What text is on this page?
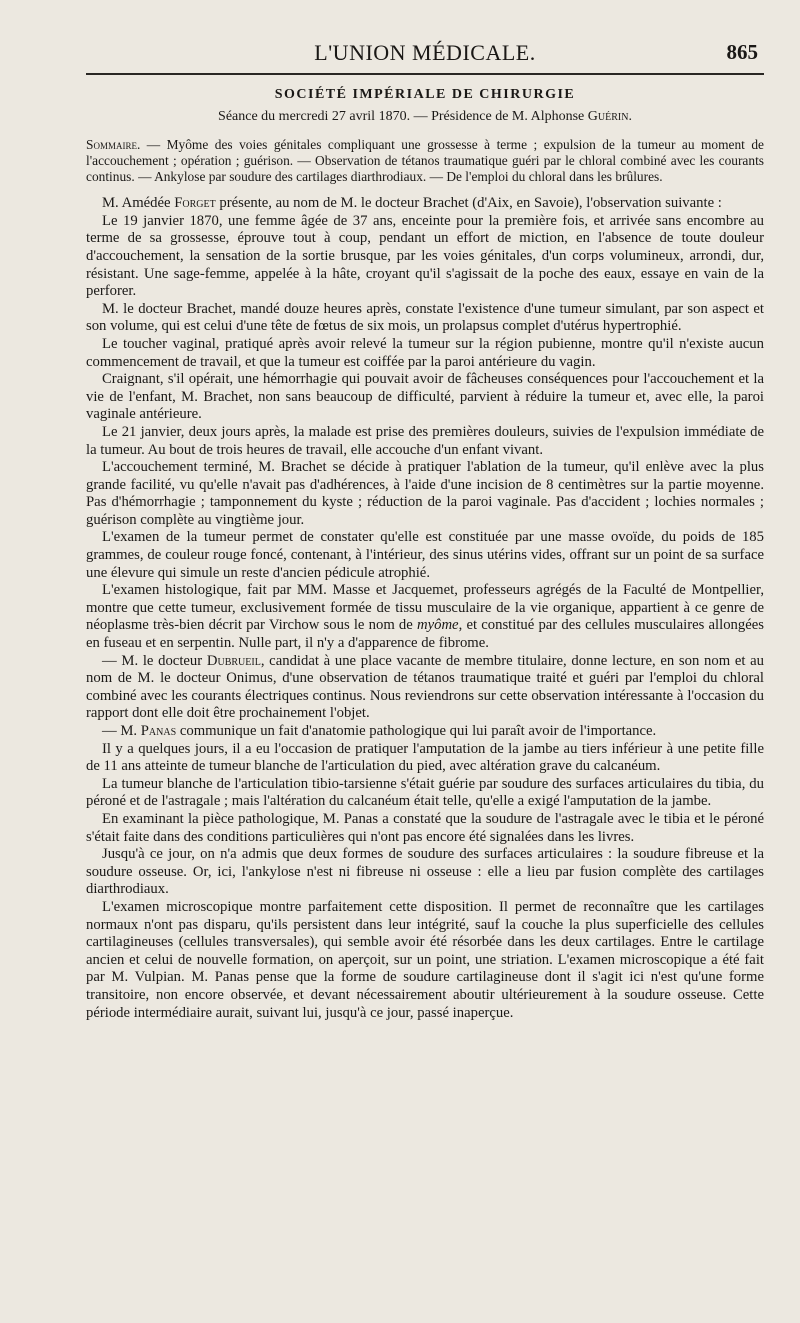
L'UNION MÉDICALE.	865
SOCIÉTÉ IMPÉRIALE DE CHIRURGIE
Séance du mercredi 27 avril 1870. — Présidence de M. Alphonse Guérin.
Sommaire. — Myôme des voies génitales compliquant une grossesse à terme ; expulsion de la tumeur au moment de l'accouchement ; opération ; guérison. — Observation de tétanos traumatique guéri par le chloral combiné avec les courants continus. — Ankylose par soudure des cartilages diarthrodiaux. — De l'emploi du chloral dans les brûlures.

M. Amédée Forget présente, au nom de M. le docteur Brachet (d'Aix, en Savoie), l'observation suivante :

Le 19 janvier 1870, une femme âgée de 37 ans, enceinte pour la première fois, et arrivée sans encombre au terme de sa grossesse, éprouve tout à coup, pendant un effort de miction, en l'absence de toute douleur d'accouchement, la sensation de la sortie brusque, par les voies génitales, d'un corps volumineux, arrondi, dur, résistant. Une sage-femme, appelée à la hâte, croyant qu'il s'agissait de la poche des eaux, essaye en vain de la perforer.

M. le docteur Brachet, mandé douze heures après, constate l'existence d'une tumeur simulant, par son aspect et son volume, qui est celui d'une tête de fœtus de six mois, un prolapsus complet d'utérus hypertrophié.

Le toucher vaginal, pratiqué après avoir relevé la tumeur sur la région pubienne, montre qu'il n'existe aucun commencement de travail, et que la tumeur est coiffée par la paroi antérieure du vagin.

Craignant, s'il opérait, une hémorrhagie qui pouvait avoir de fâcheuses conséquences pour l'accouchement et la vie de l'enfant, M. Brachet, non sans beaucoup de difficulté, parvient à réduire la tumeur et, avec elle, la paroi vaginale antérieure.

Le 21 janvier, deux jours après, la malade est prise des premières douleurs, suivies de l'expulsion immédiate de la tumeur. Au bout de trois heures de travail, elle accouche d'un enfant vivant.

L'accouchement terminé, M. Brachet se décide à pratiquer l'ablation de la tumeur, qu'il enlève avec la plus grande facilité, vu qu'elle n'avait pas d'adhérences, à l'aide d'une incision de 8 centimètres sur la partie moyenne. Pas d'hémorrhagie ; tamponnement du kyste ; réduction de la paroi vaginale. Pas d'accident ; lochies normales ; guérison complète au vingtième jour.

L'examen de la tumeur permet de constater qu'elle est constituée par une masse ovoïde, du poids de 185 grammes, de couleur rouge foncé, contenant, à l'intérieur, des sinus utérins vides, offrant sur un point de sa surface une élevure qui simule un reste d'ancien pédicule atrophié.

L'examen histologique, fait par MM. Masse et Jacquemet, professeurs agrégés de la Faculté de Montpellier, montre que cette tumeur, exclusivement formée de tissu musculaire de la vie organique, appartient à ce genre de néoplasme très-bien décrit par Virchow sous le nom de myôme, et constitué par des cellules musculaires allongées en fuseau et en serpentin. Nulle part, il n'y a d'apparence de fibrome.

— M. le docteur Dubrueil, candidat à une place vacante de membre titulaire, donne lecture, en son nom et au nom de M. le docteur Onimus, d'une observation de tétanos traumatique traité et guéri par l'emploi du chloral combiné avec les courants électriques continus. Nous reviendrons sur cette observation intéressante à l'occasion du rapport dont elle doit être prochainement l'objet.

— M. Panas communique un fait d'anatomie pathologique qui lui paraît avoir de l'importance.

Il y a quelques jours, il a eu l'occasion de pratiquer l'amputation de la jambe au tiers inférieur à une petite fille de 11 ans atteinte de tumeur blanche de l'articulation du pied, avec altération grave du calcanéum.

La tumeur blanche de l'articulation tibio-tarsienne s'était guérie par soudure des surfaces articulaires du tibia, du péroné et de l'astragale ; mais l'altération du calcanéum était telle, qu'elle a exigé l'amputation de la jambe.

En examinant la pièce pathologique, M. Panas a constaté que la soudure de l'astragale avec le tibia et le péroné s'était faite dans des conditions particulières qui n'ont pas encore été signalées dans les livres.

Jusqu'à ce jour, on n'a admis que deux formes de soudure des surfaces articulaires : la soudure fibreuse et la soudure osseuse. Or, ici, l'ankylose n'est ni fibreuse ni osseuse : elle a lieu par fusion complète des cartilages diarthrodiaux.

L'examen microscopique montre parfaitement cette disposition. Il permet de reconnaître que les cartilages normaux n'ont pas disparu, qu'ils persistent dans leur intégrité, sauf la couche la plus superficielle des cellules cartilagineuses (cellules transversales), qui semble avoir été résorbée dans les deux cartilages. Entre le cartilage ancien et celui de nouvelle formation, on aperçoit, sur un point, une striation. L'examen microscopique a été fait par M. Vulpian. M. Panas pense que la forme de soudure cartilagineuse dont il s'agit ici n'est qu'une forme transitoire, non encore observée, et devant nécessairement aboutir ultérieurement à la soudure osseuse. Cette période intermédiaire aurait, suivant lui, jusqu'à ce jour, passé inaperçue.
